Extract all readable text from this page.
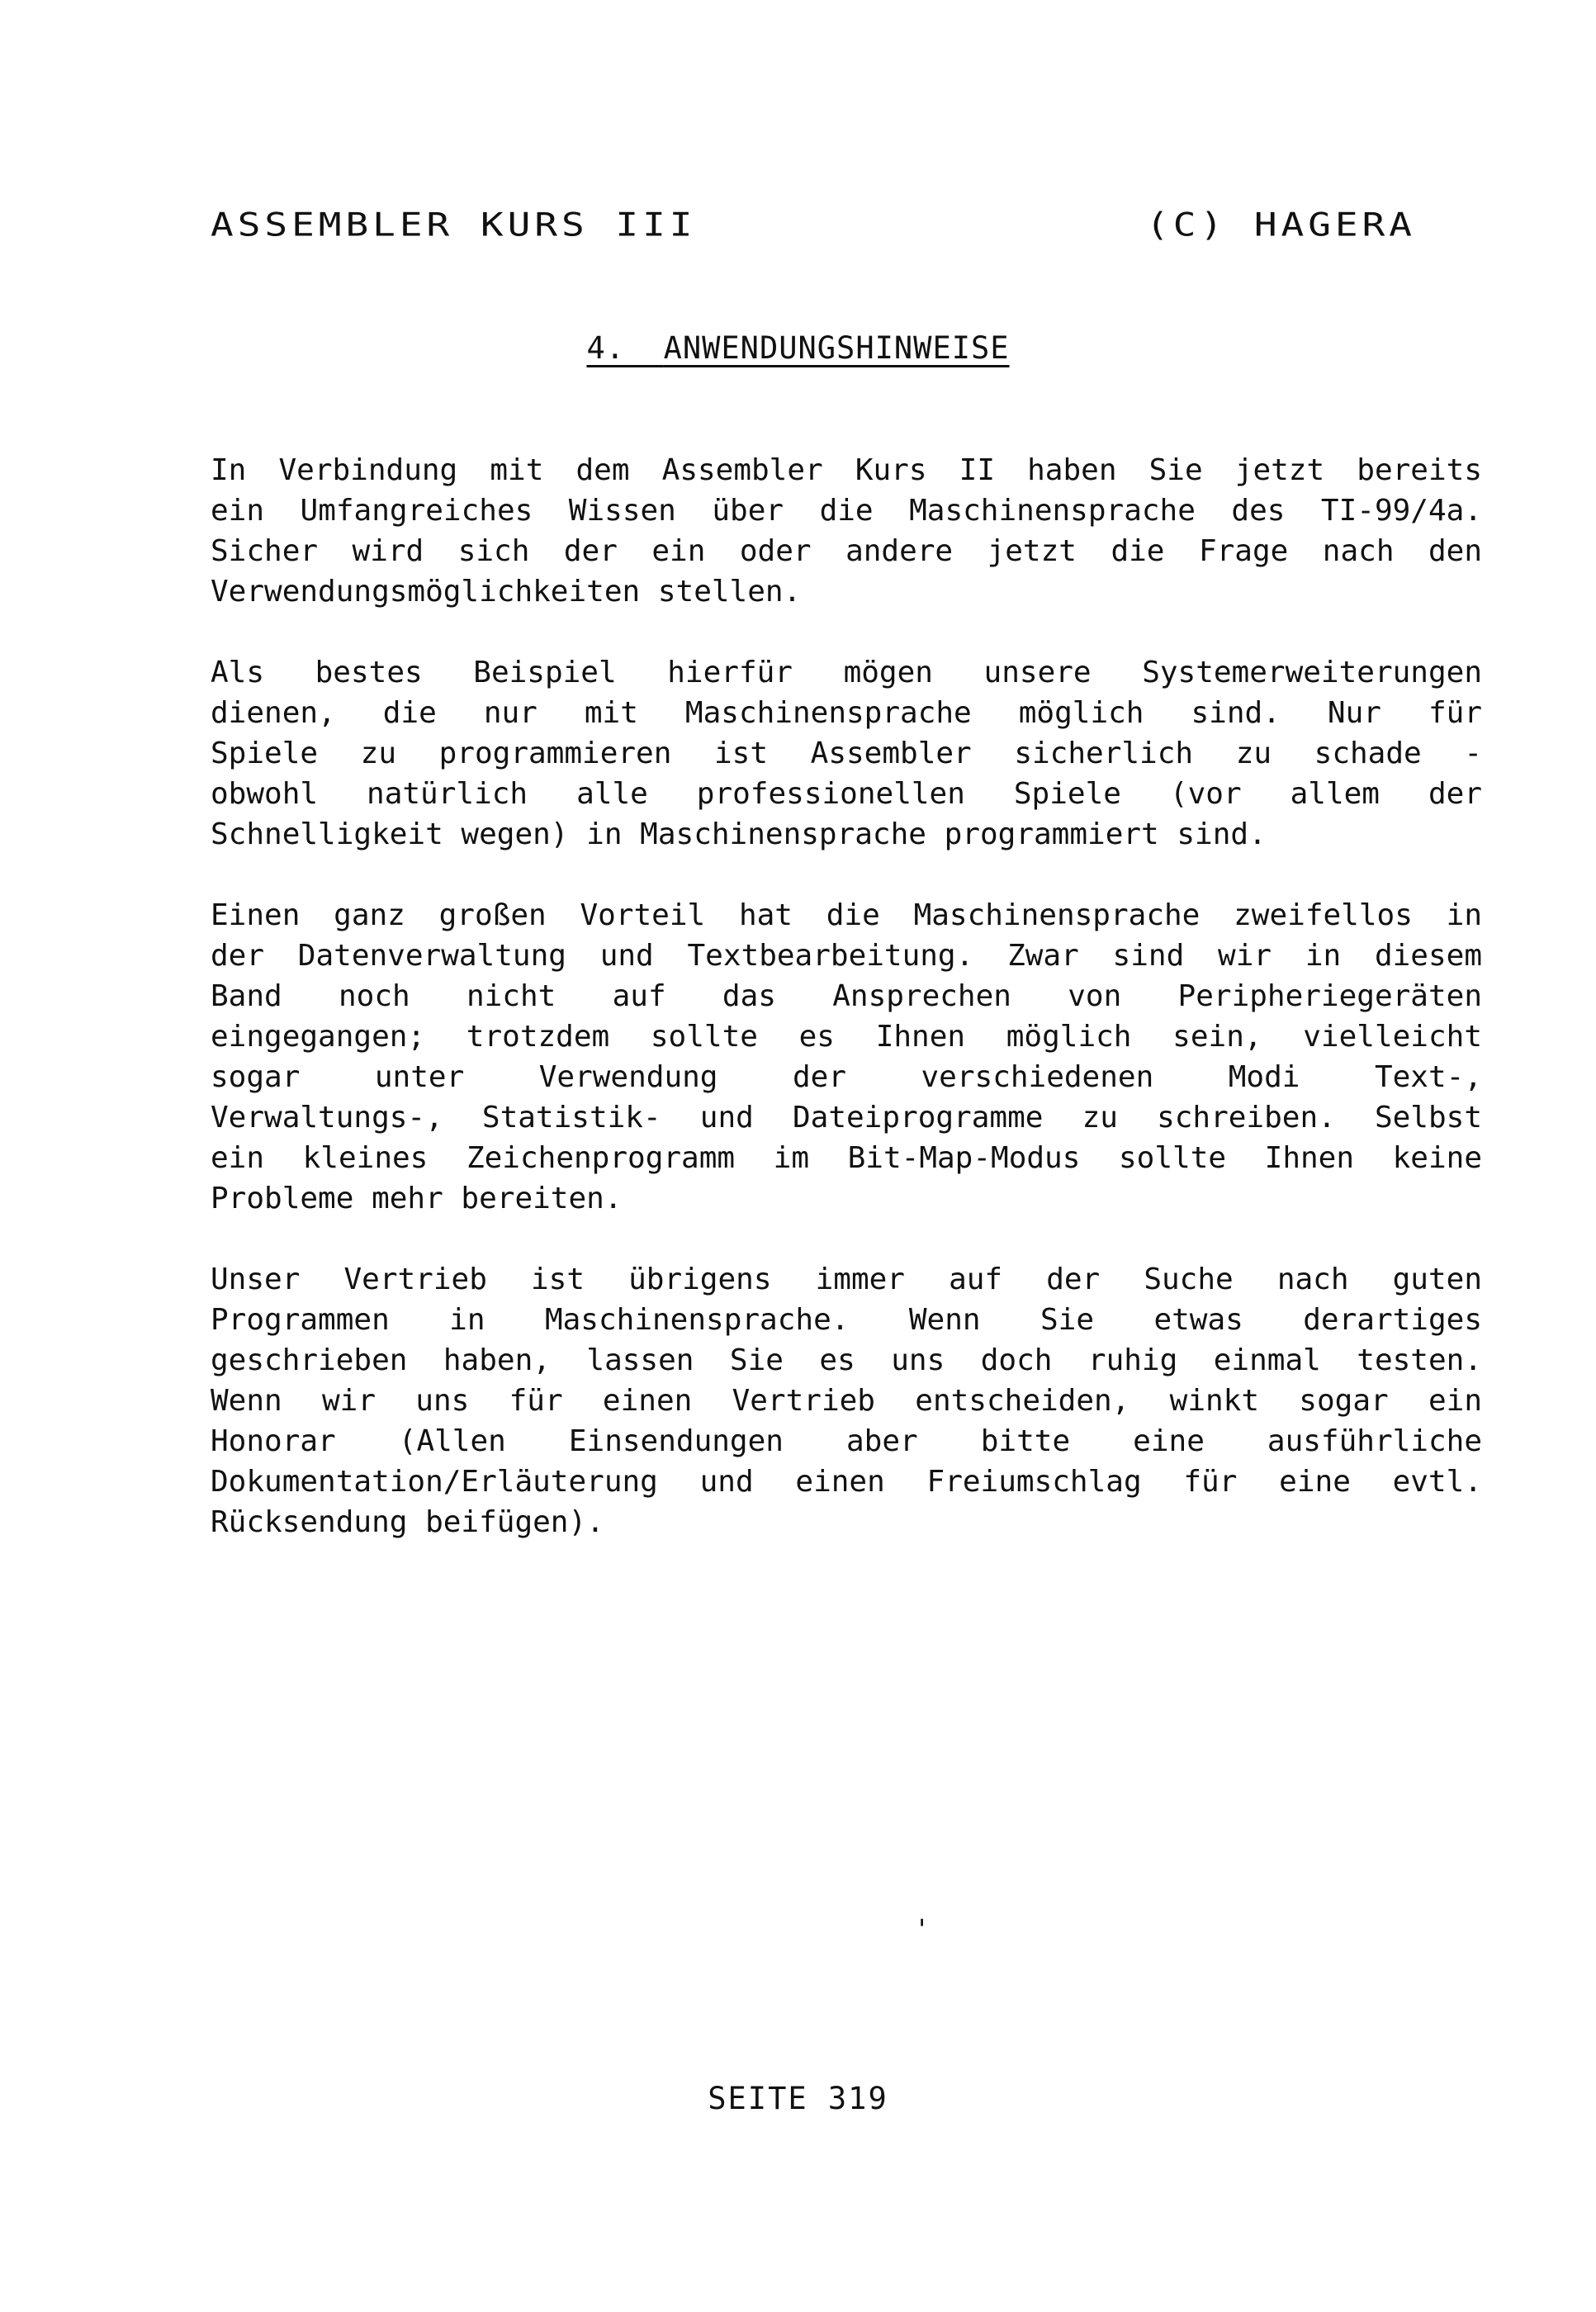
ASSEMBLER KURS III	(C) HAGERA
4. ANWENDUNGSHINWEISE
In Verbindung mit dem Assembler Kurs II haben Sie jetzt bereits
ein Umfangreiches Wissen über die Maschinensprache des TI-99/4a.
Sicher wird sich der ein oder andere jetzt die Frage nach den
Verwendungsmöglichkeiten stellen.
Als bestes Beispiel hierfür mögen unsere Systemerweiterungen
dienen, die nur mit Maschinensprache möglich sind. Nur für
Spiele zu programmieren ist Assembler sicherlich zu schade -
obwohl natürlich alle professionellen Spiele (vor allem der
Schnelligkeit wegen) in Maschinensprache programmiert sind.
Einen ganz großen Vorteil hat die Maschinensprache zweifellos in
der Datenverwaltung und Textbearbeitung. Zwar sind wir in diesem
Band noch nicht auf das Ansprechen von Peripheriegeräten
eingegangen; trotzdem sollte es Ihnen möglich sein, vielleicht
sogar unter Verwendung der verschiedenen Modi Text-,
Verwaltungs-, Statistik- und Dateiprogramme zu schreiben. Selbst
ein kleines Zeichenprogramm im Bit-Map-Modus sollte Ihnen keine
Probleme mehr bereiten.
Unser Vertrieb ist übrigens immer auf der Suche nach guten
Programmen in Maschinensprache. Wenn Sie etwas derartiges
geschrieben haben, lassen Sie es uns doch ruhig einmal testen.
Wenn wir uns für einen Vertrieb entscheiden, winkt sogar ein
Honorar (Allen Einsendungen aber bitte eine ausführliche
Dokumentation/Erläuterung und einen Freiumschlag für eine evtl.
Rücksendung beifügen).
'
SEITE 319
